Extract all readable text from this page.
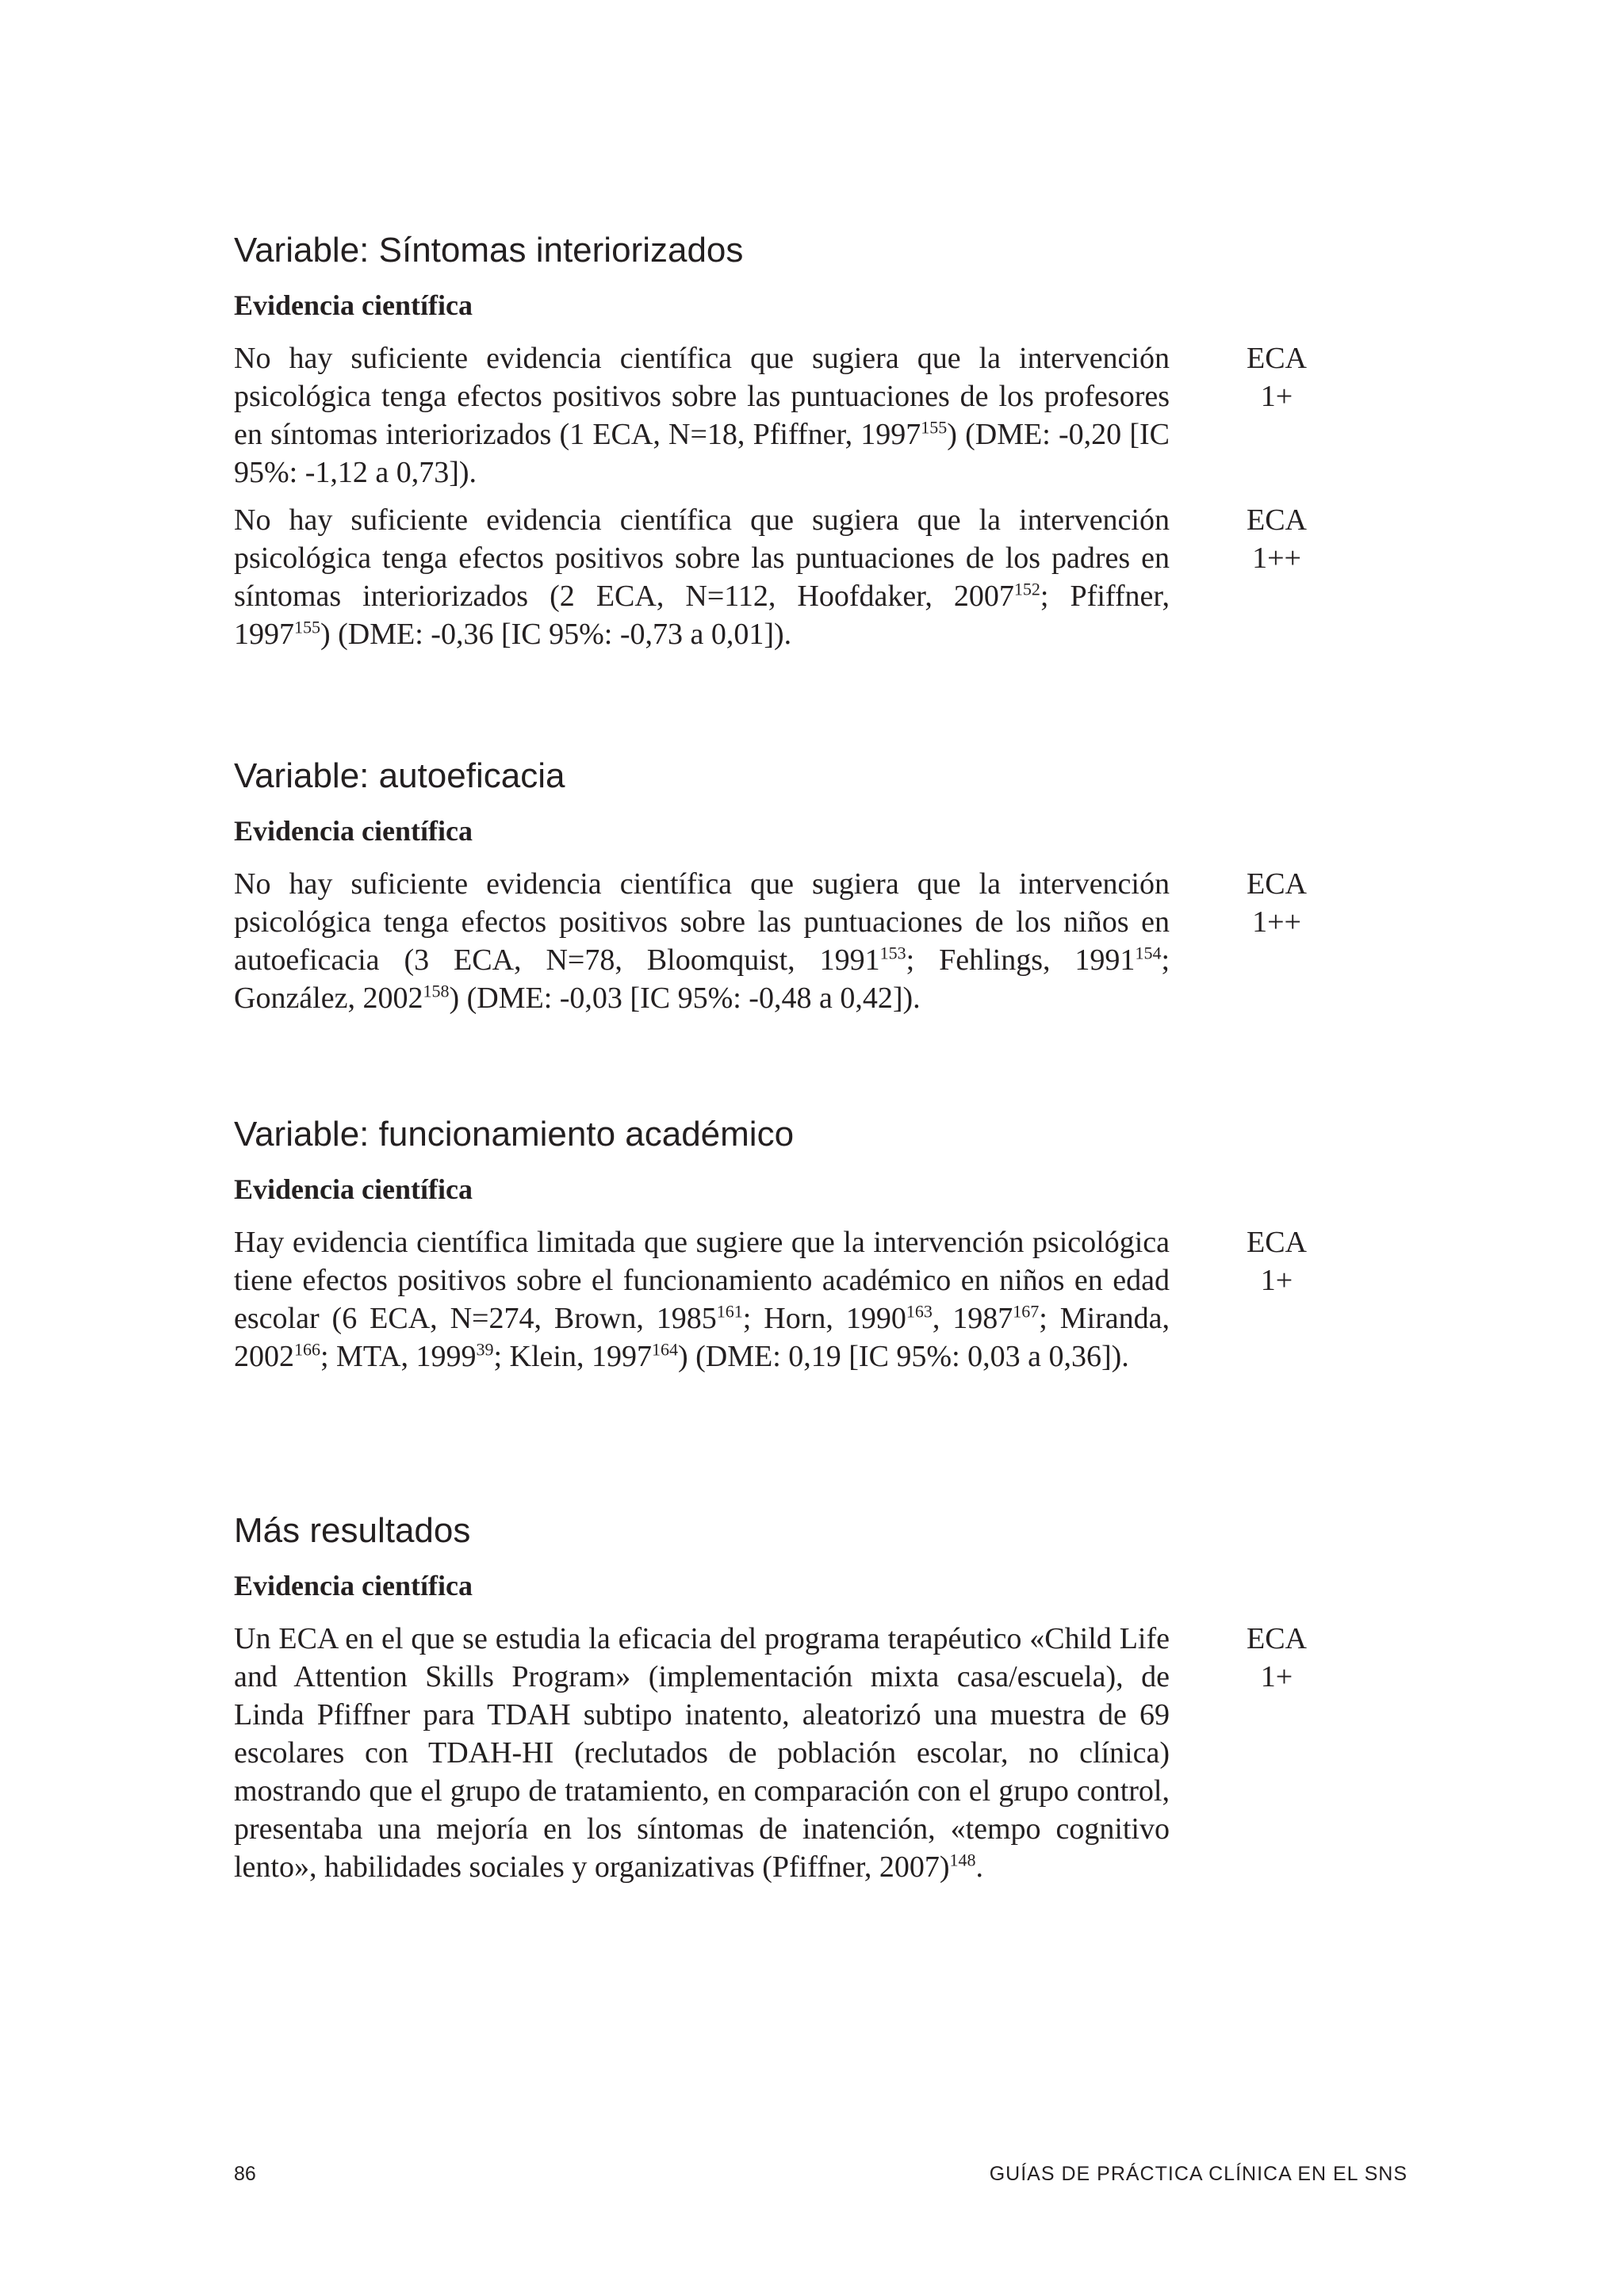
Variable: Síntomas interiorizados
Evidencia científica
No hay suficiente evidencia científica que sugiera que la intervención psicológica tenga efectos positivos sobre las puntuaciones de los profesores en síntomas interiorizados (1 ECA, N=18, Pfiffner, 1997$^{155}$) (DME: -0,20 [IC 95%: -1,12 a 0,73]).
ECA
1+
No hay suficiente evidencia científica que sugiera que la intervención psicológica tenga efectos positivos sobre las puntuaciones de los padres en síntomas interiorizados (2 ECA, N=112, Hoofdaker, 2007$^{152}$; Pfiffner, 1997$^{155}$) (DME: -0,36 [IC 95%: -0,73 a 0,01]).
ECA
1++
Variable: autoeficacia
Evidencia científica
No hay suficiente evidencia científica que sugiera que la intervención psicológica tenga efectos positivos sobre las puntuaciones de los niños en autoeficacia (3 ECA, N=78, Bloomquist, 1991$^{153}$; Fehlings, 1991$^{154}$; González, 2002$^{158}$) (DME: -0,03 [IC 95%: -0,48 a 0,42]).
ECA
1++
Variable: funcionamiento académico
Evidencia científica
Hay evidencia científica limitada que sugiere que la intervención psicológica tiene efectos positivos sobre el funcionamiento académico en niños en edad escolar (6 ECA, N=274, Brown, 1985$^{161}$; Horn, 1990$^{163}$, 1987$^{167}$; Miranda, 2002$^{166}$; MTA, 1999$^{39}$; Klein, 1997$^{164}$) (DME: 0,19 [IC 95%: 0,03 a 0,36]).
ECA
1+
Más resultados
Evidencia científica
Un ECA en el que se estudia la eficacia del programa terapéutico «Child Life and Attention Skills Program» (implementación mixta casa/escuela), de Linda Pfiffner para TDAH subtipo inatento, aleatorizó una muestra de 69 escolares con TDAH-HI (reclutados de población escolar, no clínica) mostrando que el grupo de tratamiento, en comparación con el grupo control, presentaba una mejoría en los síntomas de inatención, «tempo cognitivo lento», habilidades sociales y organizativas (Pfiffner, 2007)$^{148}$.
ECA
1+
86	GUÍAS DE PRÁCTICA CLÍNICA EN EL SNS
